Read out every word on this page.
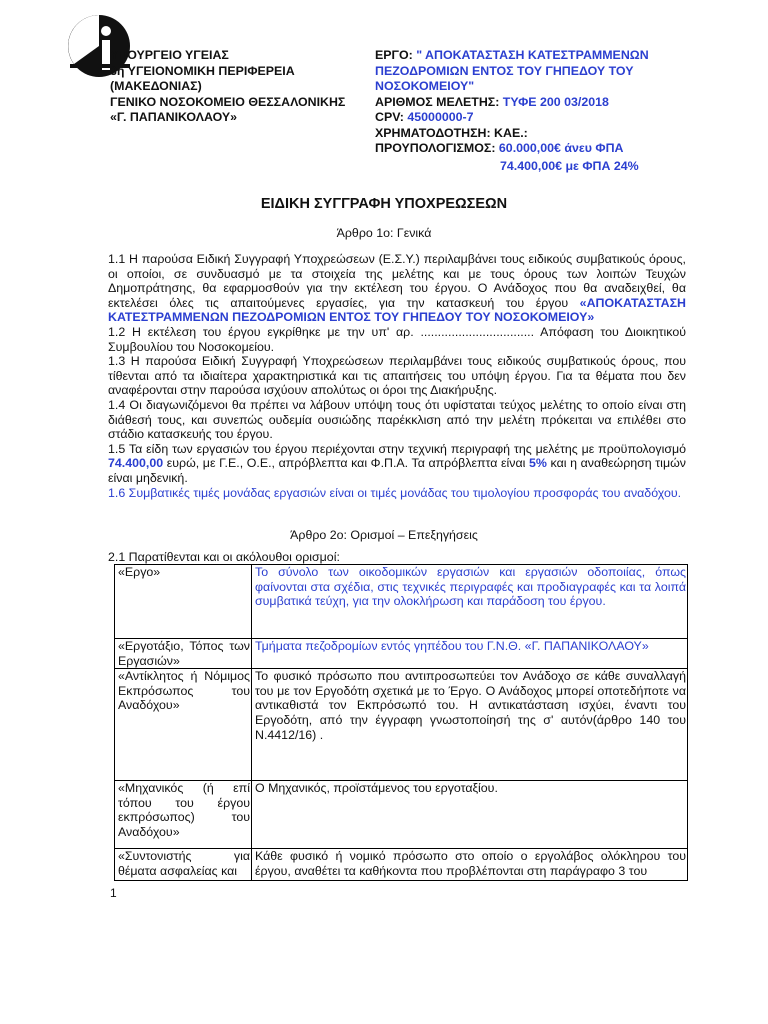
ΥΠΟΥΡΓΕΙΟ ΥΓΕΙΑΣ
3η ΥΓΕΙΟΝΟΜΙΚΗ ΠΕΡΙΦΕΡΕΙΑ
(ΜΑΚΕΔΟΝΙΑΣ)
ΓΕΝΙΚΟ ΝΟΣΟΚΟΜΕΙΟ ΘΕΣΣΑΛΟΝΙΚΗΣ
«Γ. ΠΑΠΑΝΙΚΟΛΑΟΥ»
ΕΡΓΟ: " ΑΠΟΚΑΤΑΣΤΑΣΗ ΚΑΤΕΣΤΡΑΜΜΕΝΩΝ ΠΕΖΟΔΡΟΜΙΩΝ ΕΝΤΟΣ ΤΟΥ ΓΗΠΕΔΟΥ ΤΟΥ ΝΟΣΟΚΟΜΕΙΟΥ"
ΑΡΙΘΜΟΣ ΜΕΛΕΤΗΣ: ΤΥΦΕ 200 03/2018
CPV: 45000000-7
ΧΡΗΜΑΤΟΔΟΤΗΣΗ: ΚΑΕ.:
ΠΡΟΥΠΟΛΟΓΙΣΜΟΣ: 60.000,00€ άνευ ΦΠΑ
74.400,00€ με ΦΠΑ 24%
ΕΙΔΙΚΗ ΣΥΓΓΡΑΦΗ ΥΠΟΧΡΕΩΣΕΩΝ
Άρθρο 1ο: Γενικά

1.1 Η παρούσα Ειδική Συγγραφή Υποχρεώσεων (Ε.Σ.Υ.) περιλαμβάνει τους ειδικούς συμβατικούς όρους, οι οποίοι, σε συνδυασμό με τα στοιχεία της μελέτης και με τους όρους των λοιπών Τευχών Δημοπράτησης, θα εφαρμοσθούν για την εκτέλεση του έργου. Ο Ανάδοχος που θα αναδειχθεί, θα εκτελέσει όλες τις απαιτούμενες εργασίες, για την κατασκευή του έργου «ΑΠΟΚΑΤΑΣΤΑΣΗ ΚΑΤΕΣΤΡΑΜΜΕΝΩΝ ΠΕΖΟΔΡΟΜΙΩΝ ΕΝΤΟΣ ΤΟΥ ΓΗΠΕΔΟΥ ΤΟΥ ΝΟΣΟΚΟΜΕΙΟΥ»

1.2 Η εκτέλεση του έργου εγκρίθηκε με την υπ' αρ. ................................. Απόφαση του Διοικητικού Συμβουλίου του Νοσοκομείου.

1.3 Η παρούσα Ειδική Συγγραφή Υποχρεώσεων περιλαμβάνει τους ειδικούς συμβατικούς όρους, που τίθενται από τα ιδιαίτερα χαρακτηριστικά και τις απαιτήσεις του υπόψη έργου. Για τα θέματα που δεν αναφέρονται στην παρούσα ισχύουν απολύτως οι όροι της Διακήρυξης.

1.4 Οι διαγωνιζόμενοι θα πρέπει να λάβουν υπόψη τους ότι υφίσταται τεύχος μελέτης το οποίο είναι στη διάθεσή τους, και συνεπώς ουδεμία ουσιώδης παρέκκλιση από την μελέτη πρόκειται να επιλέθει στο στάδιο κατασκευής του έργου.

1.5 Τα είδη των εργασιών του έργου περιέχονται στην τεχνική περιγραφή της μελέτης με προϋπολογισμό 74.400,00 ευρώ, με Γ.Ε., Ο.Ε., απρόβλεπτα και Φ.Π.Α. Τα απρόβλεπτα είναι 5% και η αναθεώρηση τιμών είναι μηδενική.

1.6 Συμβατικές τιμές μονάδας εργασιών είναι οι τιμές μονάδας του τιμολογίου προσφοράς του αναδόχου.

Άρθρο 2ο: Ορισμοί – Επεξηγήσεις
2.1 Παρατίθενται και οι ακόλουθοι ορισμοί:
«Εργο»	Το σύνολο των οικοδομικών εργασιών και εργασιών οδοποιίας, όπως φαίνονται στα σχέδια, στις τεχνικές περιγραφές και προδιαγραφές και τα λοιπά συμβατικά τεύχη, για την ολοκλήρωση και παράδοση του έργου.
«Εργοτάξιο, Τόπος των Εργασιών»	Τμήματα πεζοδρομίων εντός γηπέδου του Γ.Ν.Θ. «Γ. ΠΑΠΑΝΙΚΟΛΑΟΥ»
«Αντίκλητος ή Νόμιμος Εκπρόσωπος του Αναδόχου»	Το φυσικό πρόσωπο που αντιπροσωπεύει τον Ανάδοχο σε κάθε συναλλαγή του με τον Εργοδότη σχετικά με το Έργο. Ο Ανάδοχος μπορεί οποτεδήποτε να αντικαθιστά τον Εκπρόσωπό του. Η αντικατάσταση ισχύει, έναντι του Εργοδότη, από την έγγραφη γνωστοποίησή της σ' αυτόν(άρθρο 140 του Ν.4412/16) .
«Μηχανικός (ή επί τόπου του έργου εκπρόσωπος) του Αναδόχου»	Ο Μηχανικός, προϊστάμενος του εργοταξίου.
«Συντονιστής για θέματα ασφαλείας και	Κάθε φυσικό ή νομικό πρόσωπο στο οποίο ο εργολάβος ολόκληρου του έργου, αναθέτει τα καθήκοντα που προβλέπονται στη παράγραφο 3 του
1
